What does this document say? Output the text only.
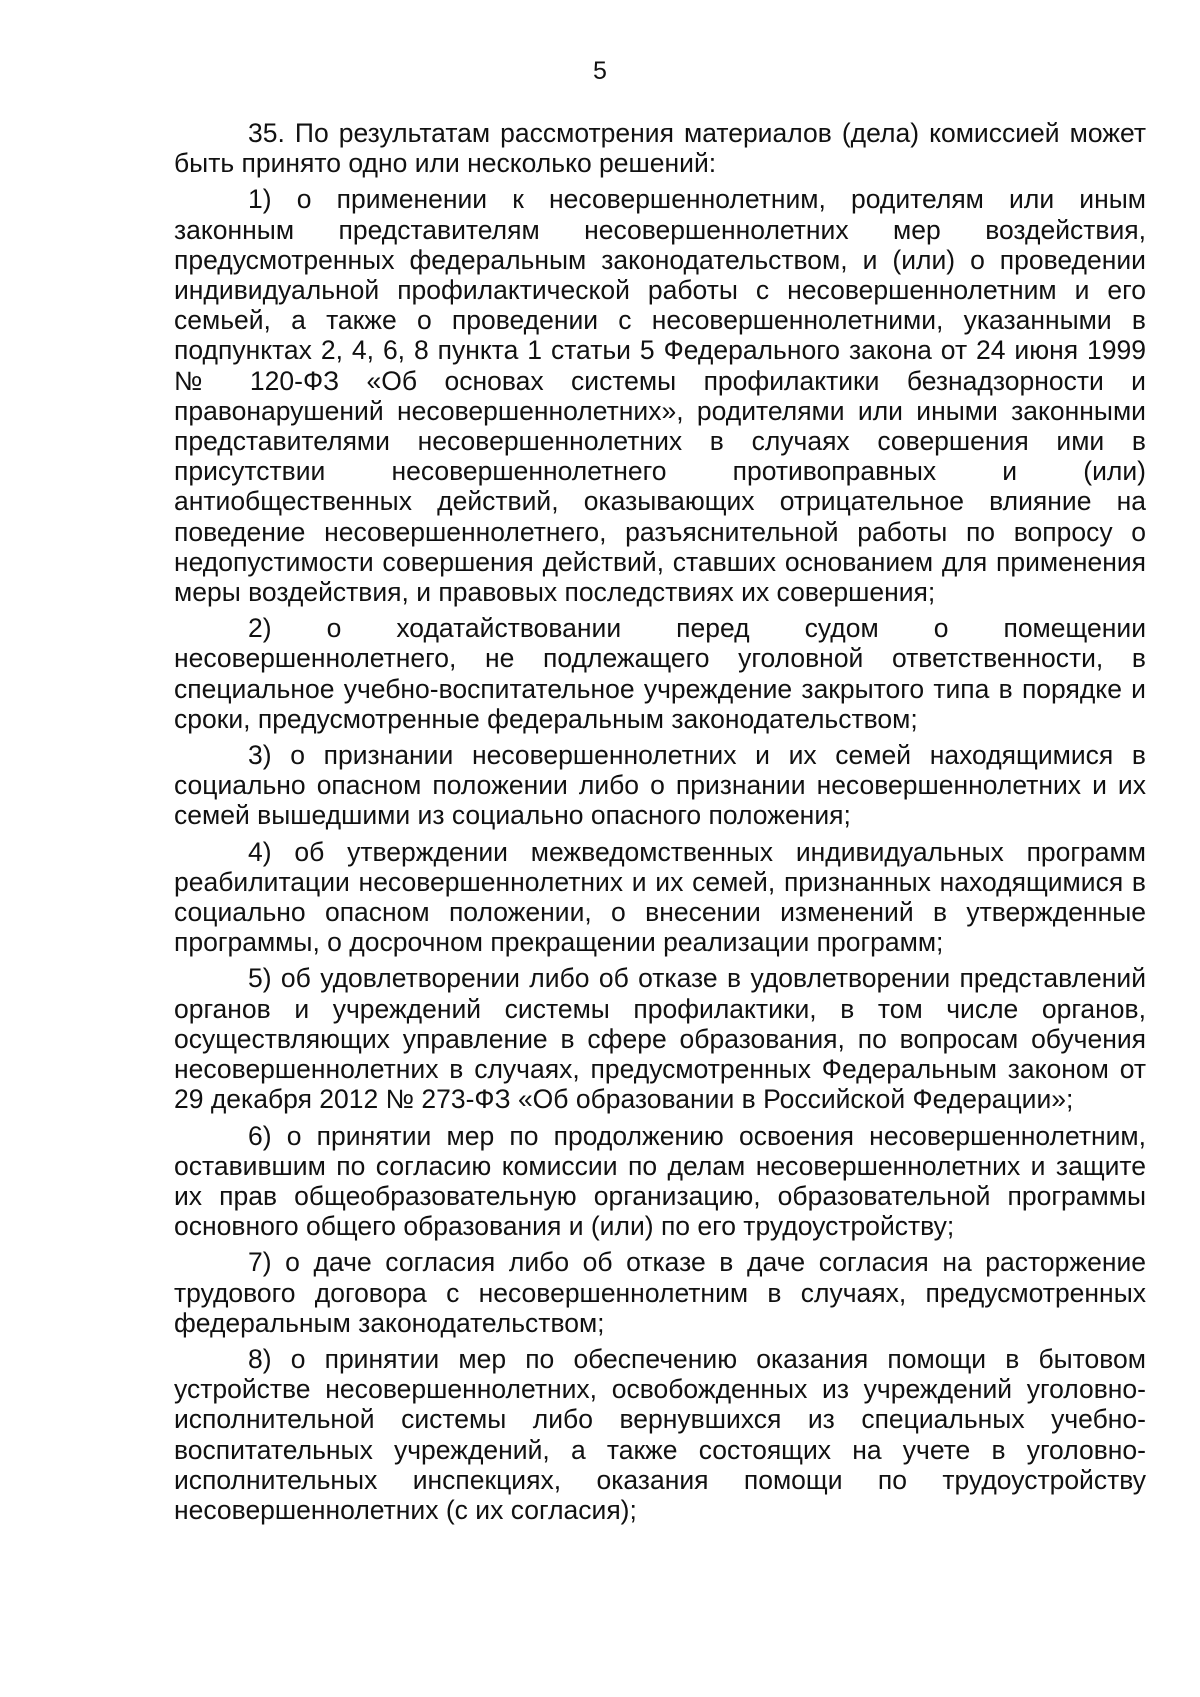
5

35. По результатам рассмотрения материалов (дела) комиссией может быть принято одно или несколько решений:

1) о применении к несовершеннолетним, родителям или иным законным представителям несовершеннолетних мер воздействия, предусмотренных федеральным законодательством, и (или) о проведении индивидуальной профилактической работы с несовершеннолетним и его семьей, а также о проведении с несовершеннолетними, указанными в подпунктах 2, 4, 6, 8 пункта 1 статьи 5 Федерального закона от 24 июня 1999 № 120-ФЗ «Об основах системы профилактики безнадзорности и правонарушений несовершеннолетних», родителями или иными законными представителями несовершеннолетних в случаях совершения ими в присутствии несовершеннолетнего противоправных и (или) антиобщественных действий, оказывающих отрицательное влияние на поведение несовершеннолетнего, разъяснительной работы по вопросу о недопустимости совершения действий, ставших основанием для применения меры воздействия, и правовых последствиях их совершения;

2) о ходатайствовании перед судом о помещении несовершеннолетнего, не подлежащего уголовной ответственности, в специальное учебно-воспитательное учреждение закрытого типа в порядке и сроки, предусмотренные федеральным законодательством;

3) о признании несовершеннолетних и их семей находящимися в социально опасном положении либо о признании несовершеннолетних и их семей вышедшими из социально опасного положения;

4) об утверждении межведомственных индивидуальных программ реабилитации несовершеннолетних и их семей, признанных находящимися в социально опасном положении, о внесении изменений в утвержденные программы, о досрочном прекращении реализации программ;

5) об удовлетворении либо об отказе в удовлетворении представлений органов и учреждений системы профилактики, в том числе органов, осуществляющих управление в сфере образования, по вопросам обучения несовершеннолетних в случаях, предусмотренных Федеральным законом от 29 декабря 2012 № 273-ФЗ «Об образовании в Российской Федерации»;

6) о принятии мер по продолжению освоения несовершеннолетним, оставившим по согласию комиссии по делам несовершеннолетних и защите их прав общеобразовательную организацию, образовательной программы основного общего образования и (или) по его трудоустройству;

7) о даче согласия либо об отказе в даче согласия на расторжение трудового договора с несовершеннолетним в случаях, предусмотренных федеральным законодательством;

8) о принятии мер по обеспечению оказания помощи в бытовом устройстве несовершеннолетних, освобожденных из учреждений уголовно-исполнительной системы либо вернувшихся из специальных учебно-воспитательных учреждений, а также состоящих на учете в уголовно-исполнительных инспекциях, оказания помощи по трудоустройству несовершеннолетних (с их согласия);
